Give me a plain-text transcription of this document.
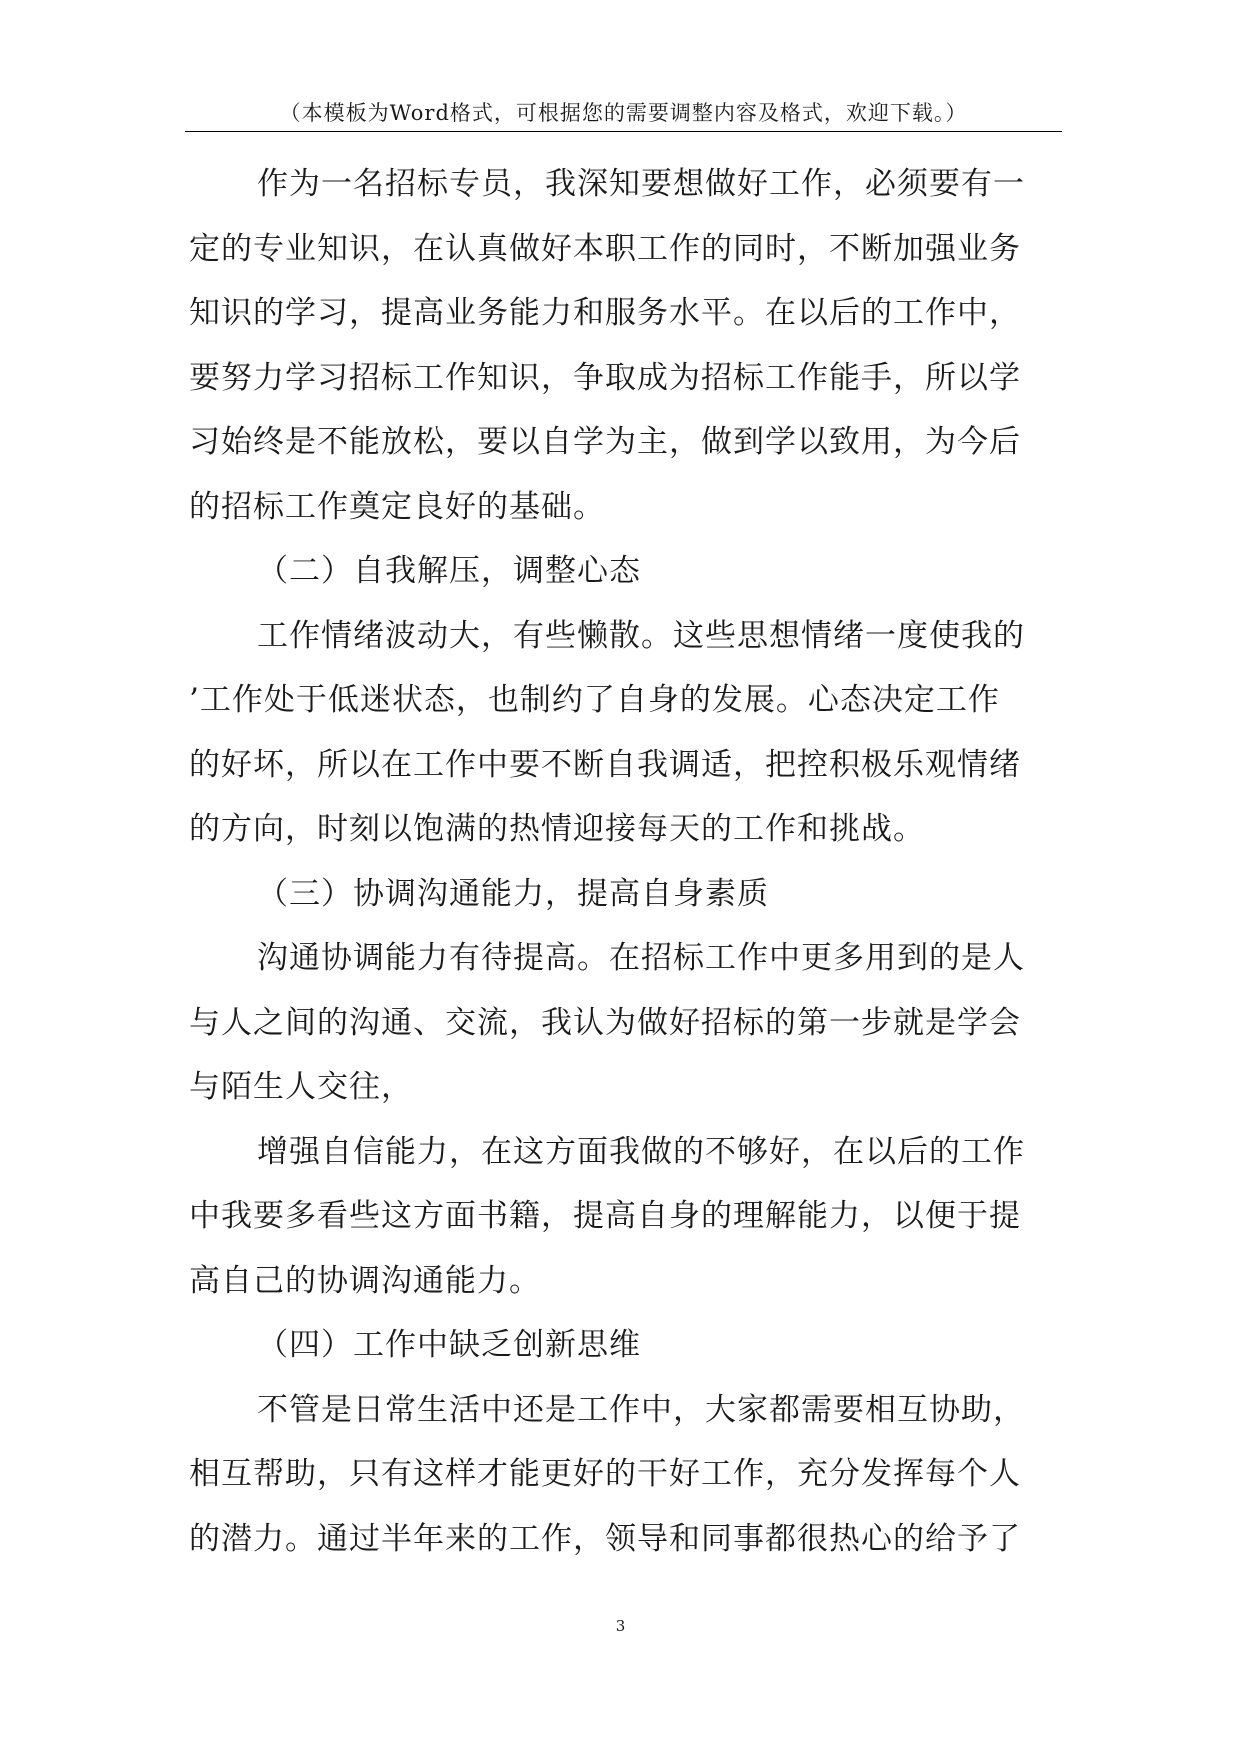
（本模板为Word格式，可根据您的需要调整内容及格式，欢迎下载。）
作为一名招标专员，我深知要想做好工作，必须要有一
定的专业知识，在认真做好本职工作的同时，不断加强业务
知识的学习，提高业务能力和服务水平。在以后的工作中，
要努力学习招标工作知识，争取成为招标工作能手，所以学
习始终是不能放松，要以自学为主，做到学以致用，为今后
的招标工作奠定良好的基础。
（二）自我解压，调整心态
工作情绪波动大，有些懒散。这些思想情绪一度使我的
’工作处于低迷状态，也制约了自身的发展。心态决定工作
的好坏，所以在工作中要不断自我调适，把控积极乐观情绪
的方向，时刻以饱满的热情迎接每天的工作和挑战。
（三）协调沟通能力，提高自身素质
沟通协调能力有待提高。在招标工作中更多用到的是人
与人之间的沟通、交流，我认为做好招标的第一步就是学会
与陌生人交往，
增强自信能力，在这方面我做的不够好，在以后的工作
中我要多看些这方面书籍，提高自身的理解能力，以便于提
高自己的协调沟通能力。
（四）工作中缺乏创新思维
不管是日常生活中还是工作中，大家都需要相互协助，
相互帮助，只有这样才能更好的干好工作，充分发挥每个人
的潜力。通过半年来的工作，领导和同事都很热心的给予了
3
